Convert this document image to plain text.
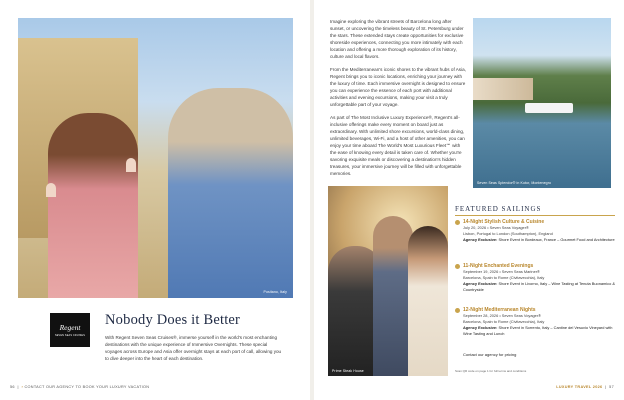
Positano, Italy
Regent
SEVEN SEAS CRUISES
Nobody Does it Better
With Regent Seven Seas Cruises®, immerse yourself in the world's most enchanting destinations with the unique experience of Immersive Overnights. These special voyages across Europe and Asia offer overnight stays at each port of call, allowing you to dive deeper into the heart of each destination.
56  |  › CONTACT OUR AGENCY TO BOOK YOUR LUXURY VACATION
Imagine exploring the vibrant streets of Barcelona long after sunset, or uncovering the timeless beauty of St. Petersburg under the stars. These extended stays create opportunities for exclusive shoreside experiences, connecting you more intimately with each location and offering a more thorough exploration of its history, culture and local flavors.
From the Mediterranean's iconic shores to the vibrant hubs of Asia, Regent brings you to iconic locations, enriching your journey with the luxury of time. Each immersive overnight is designed to ensure you can experience the essence of each port with additional activities and evening excursions, making your visit a truly unforgettable part of your voyage.
As part of The Most Inclusive Luxury Experience®, Regent's all-inclusive offerings make every moment on board just as extraordinary. With unlimited shore excursions, world-class dining, unlimited beverages, Wi-Fi, and a host of other amenities, you can enjoy your time aboard The World's Most Luxurious Fleet℠ with the ease of knowing every detail is taken care of. Whether you're savoring exquisite meals or discovering a destination's hidden treasures, your immersive journey will be filled with unforgettable memories.
Seven Seas Splendor® in Kotor, Montenegro
Prime Steak House
FEATURED SAILINGS
14-Night Stylish Culture & Cuisine
July 20, 2026 • Seven Seas Voyager®
Lisbon, Portugal to London (Southampton), England
Agency Exclusive: Shore Event in Bordeaux, France – Gourmet Food and Architecture
11-Night Enchanted Evenings
September 19, 2026 • Seven Seas Mariner®
Barcelona, Spain to Rome (Civitavecchia), Italy
Agency Exclusive: Shore Event in Livorno, Italy – Wine Tasting at Tenuta Buonamico & Countryside
12-Night Mediterranean Nights
September 28, 2026 • Seven Seas Voyager®
Barcelona, Spain to Rome (Civitavecchia), Italy
Agency Exclusive: Shore Event in Sorrento, Italy – Cantine del Vesuvio Vineyard with Wine Tasting and Lunch
Contact our agency for pricing
Scan QR code on page 1 for full terms and conditions
LUXURY TRAVEL 2026  |  57
